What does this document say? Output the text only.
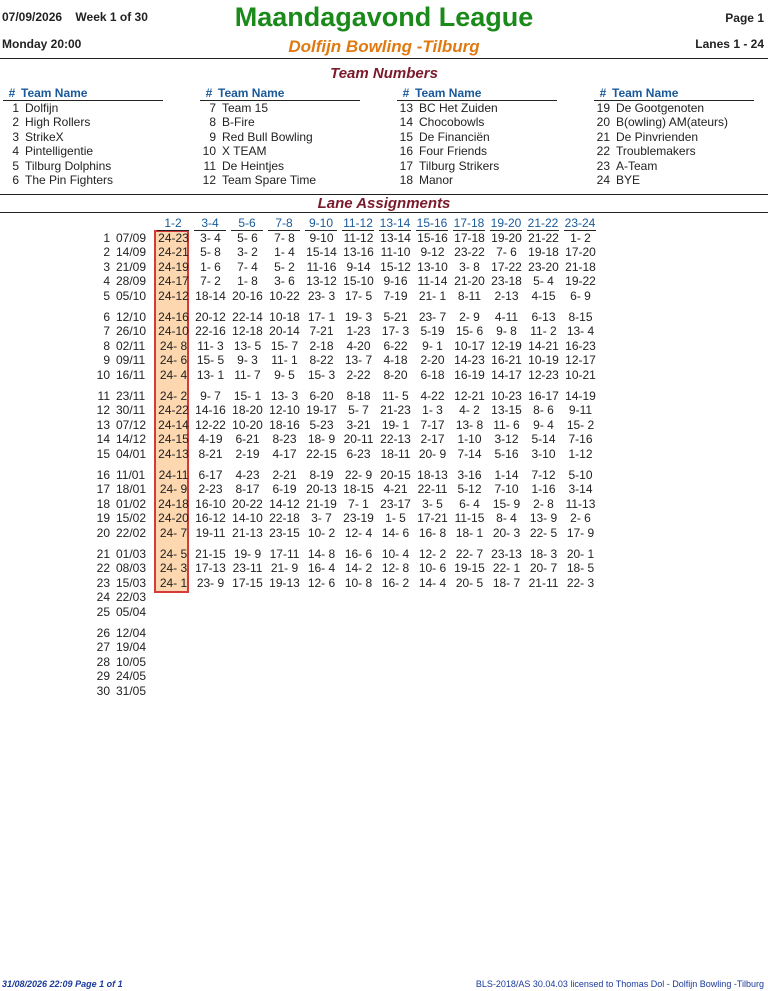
07/09/2026 Week 1 of 30	Maandagavond League	Page 1
Monday 20:00	Dolfijn Bowling -Tilburg	Lanes 1 - 24
Team Numbers
# Team Name
1 Dolfijn
2 High Rollers
3 StrikeX
4 Pintelligentie
5 Tilburg Dolphins
6 The Pin Fighters
# Team Name
7 Team 15
8 B-Fire
9 Red Bull Bowling
10 X TEAM
11 De Heintjes
12 Team Spare Time
# Team Name
13 BC Het Zuiden
14 Chocobowls
15 De Financiën
16 Four Friends
17 Tilburg Strikers
18 Manor
# Team Name
19 De Gootgenoten
20 B(owling) AM(ateurs)
21 De Pinvrienden
22 Troublemakers
23 A-Team
24 BYE
Lane Assignments
1-2	3-4	5-6	7-8	9-10 11-12 13-14 15-16 17-18 19-20 21-22 23-24
1 07/09	24-23 3- 4	5- 6	7- 8	9-10 11-12 13-14 15-16 17-18 19-20 21-22 1- 2
2 14/09	24-21 5- 8	3- 2	1- 4 15-14 13-16 11-10 9-12 23-22 7- 6 19-18 17-20
3 21/09	24-19 1- 6	7- 4	5- 2 11-16 9-14 15-12 13-10 3- 8 17-22 23-20 21-18
4 28/09	24-17 7- 2	1- 8	3- 6 13-12 15-10 9-16 11-14 21-20 23-18 5- 4 19-22
5 05/10	24-12 18-14 20-16 10-22 23- 3 17- 5 7-19 21- 1 8-11	2-13	4-15	6- 9
6 12/10	24-16 20-12 22-14 10-18 17- 1 19- 3 5-21 23- 7	2- 9	4-11	6-13	8-15
7 26/10	24-10 22-16 12-18 20-14 7-21	1-23 17- 3 5-19 15- 6	9- 8	11- 2 13- 4
8 02/11	24- 8 11- 3 13- 5 15- 7 2-18	4-20	6-22	9- 1 10-17 12-19 14-21 16-23
9 09/11	24- 6 15- 5	9- 3	11- 1 8-22 13- 7 4-18	2-20 14-23 16-21 10-19 12-17
10 16/11	24- 4 13- 1 11- 7	9- 5	15- 3 2-22	8-20	6-18 16-19 14-17 12-23 10-21
11 23/11	24- 2	9- 7	15- 1 13- 3 6-20	8-18 11- 5 4-22 12-21 10-23 16-17 14-19
12 30/11	24-22 14-16 18-20 12-10 19-17 5- 7 21-23 1- 3	4- 2 13-15 8- 6	9-11
13 07/12	24-14 12-22 10-20 18-16 5-23	3-21 19- 1 7-17 13- 8 11- 6	9- 4	15- 2
14 14/12	24-15 4-19	6-21	8-23 18- 9 20-11 22-13 2-17	1-10	3-12	5-14	7-16
15 04/01	24-13 8-21	2-19	4-17 22-15 6-23 18-11 20- 9 7-14	5-16	3-10	1-12
16 11/01	24-11 6-17	4-23	2-21	8-19 22- 9 20-15 18-13 3-16	1-14	7-12	5-10
17 18/01	24- 9 2-23	8-17	6-19 20-13 18-15 4-21 22-11 5-12	7-10	1-16	3-14
18 01/02	24-18 16-10 20-22 14-12 21-19 7- 1 23-17 3- 5	6- 4	15- 9	2- 8 11-13
19 15/02	24-20 16-12 14-10 22-18 3- 7 23-19 1- 5 17-21 11-15 8- 4	13- 9	2- 6
20 22/02	24- 7 19-11 21-13 23-15 10- 2 12- 4 14- 6 16- 8 18- 1 20- 3 22- 5 17- 9
21 01/03	24- 5 21-15 19- 9 17-11 14- 8 16- 6 10- 4 12- 2 22- 7 23-13 18- 3 20- 1
22 08/03	24- 3 17-13 23-11 21- 9 16- 4 14- 2 12- 8 10- 6 19-15 22- 1 20- 7 18- 5
23 15/03	24- 1 23- 9 17-15 19-13 12- 6 10- 8 16- 2 14- 4 20- 5 18- 7 21-11 22- 3
24 22/03
25 05/04
26 12/04
27 19/04
28 10/05
29 24/05
30 31/05
31/08/2026 22:09 Page 1 of 1	BLS-2018/AS 30.04.03 licensed to Thomas Dol - Dolfijn Bowling -Tilburg
